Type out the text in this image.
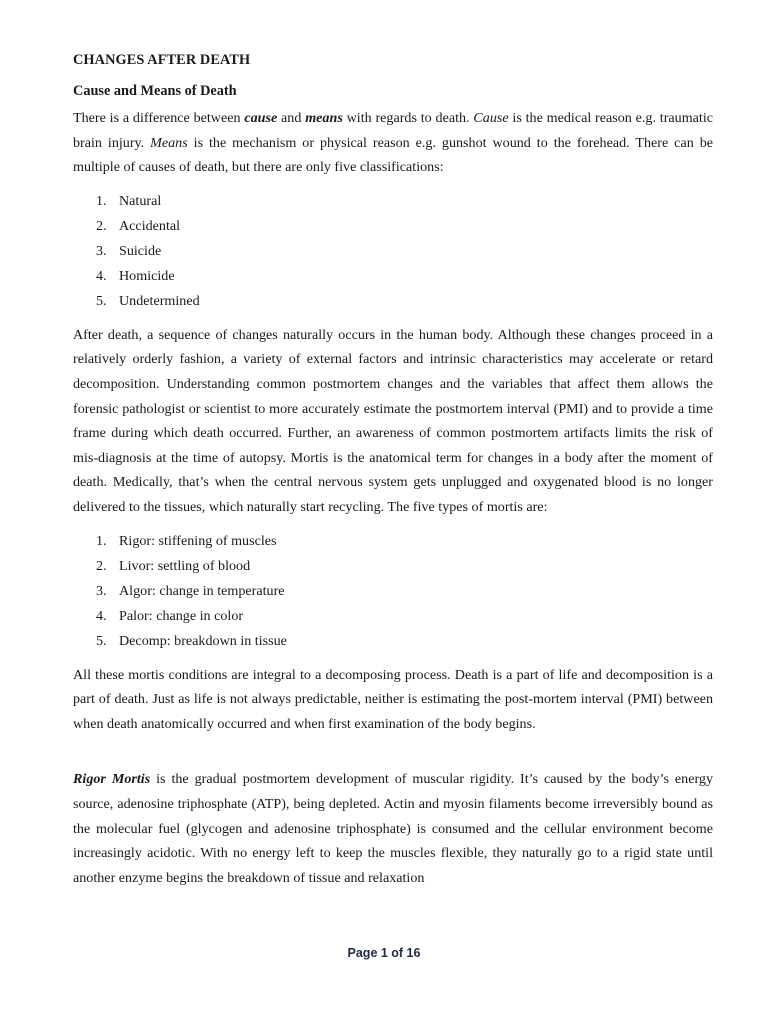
CHANGES AFTER DEATH
Cause and Means of Death

There is a difference between cause and means with regards to death. Cause is the medical reason e.g. traumatic brain injury. Means is the mechanism or physical reason e.g. gunshot wound to the forehead. There can be multiple of causes of death, but there are only five classifications:

1. Natural
2. Accidental
3. Suicide
4. Homicide
5. Undetermined

After death, a sequence of changes naturally occurs in the human body. Although these changes proceed in a relatively orderly fashion, a variety of external factors and intrinsic characteristics may accelerate or retard decomposition. Understanding common postmortem changes and the variables that affect them allows the forensic pathologist or scientist to more accurately estimate the postmortem interval (PMI) and to provide a time frame during which death occurred. Further, an awareness of common postmortem artifacts limits the risk of mis-diagnosis at the time of autopsy. Mortis is the anatomical term for changes in a body after the moment of death. Medically, that’s when the central nervous system gets unplugged and oxygenated blood is no longer delivered to the tissues, which naturally start recycling. The five types of mortis are:

1. Rigor: stiffening of muscles
2. Livor: settling of blood
3. Algor: change in temperature
4. Palor: change in color
5. Decomp: breakdown in tissue

All these mortis conditions are integral to a decomposing process. Death is a part of life and decomposition is a part of death. Just as life is not always predictable, neither is estimating the post-mortem interval (PMI) between when death anatomically occurred and when first examination of the body begins.

Rigor Mortis is the gradual postmortem development of muscular rigidity. It’s caused by the body’s energy source, adenosine triphosphate (ATP), being depleted. Actin and myosin filaments become irreversibly bound as the molecular fuel (glycogen and adenosine triphosphate) is consumed and the cellular environment become increasingly acidotic. With no energy left to keep the muscles flexible, they naturally go to a rigid state until another enzyme begins the breakdown of tissue and relaxation

Page 1 of 16
